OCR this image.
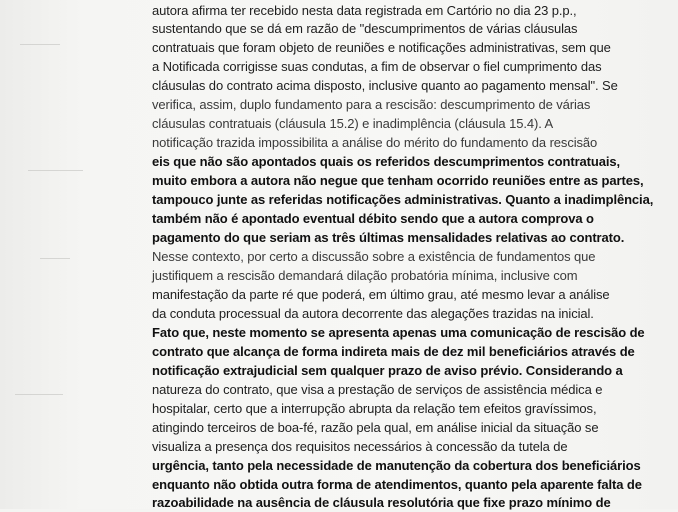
autora afirma ter recebido nesta data registrada em Cartório no dia 23 p.p.,
sustentando que se dá em razão de "descumprimentos de várias cláusulas
contratuais que foram objeto de reuniões e notificações administrativas, sem que
a Notificada corrigisse suas condutas, a fim de observar o fiel cumprimento das
cláusulas do contrato acima disposto, inclusive quanto ao pagamento mensal". Se
verifica, assim, duplo fundamento para a rescisão: descumprimento de várias
cláusulas contratuais (cláusula 15.2) e inadimplência (cláusula 15.4). A
notificação trazida impossibilita a análise do mérito do fundamento da rescisão
eis que não são apontados quais os referidos descumprimentos contratuais,
muito embora a autora não negue que tenham ocorrido reuniões entre as partes,
tampouco junte as referidas notificações administrativas. Quanto a inadimplência,
também não é apontado eventual débito sendo que a autora comprova o
pagamento do que seriam as três últimas mensalidades relativas ao contrato.
Nesse contexto, por certo a discussão sobre a existência de fundamentos que
justifiquem a rescisão demandará dilação probatória mínima, inclusive com
manifestação da parte ré que poderá, em último grau, até mesmo levar a análise
da conduta processual da autora decorrente das alegações trazidas na inicial.
Fato que, neste momento se apresenta apenas uma comunicação de rescisão de
contrato que alcança de forma indireta mais de dez mil beneficiários através de
notificação extrajudicial sem qualquer prazo de aviso prévio. Considerando a
natureza do contrato, que visa a prestação de serviços de assistência médica e
hospitalar, certo que a interrupção abrupta da relação tem efeitos gravíssimos,
atingindo terceiros de boa-fé, razão pela qual, em análise inicial da situação se
visualiza a presença dos requisitos necessários à concessão da tutela de
urgência, tanto pela necessidade de manutenção da cobertura dos beneficiários
enquanto não obtida outra forma de atendimentos, quanto pela aparente falta de
razoabilidade na ausência de cláusula resolutória que fixe prazo mínimo de
